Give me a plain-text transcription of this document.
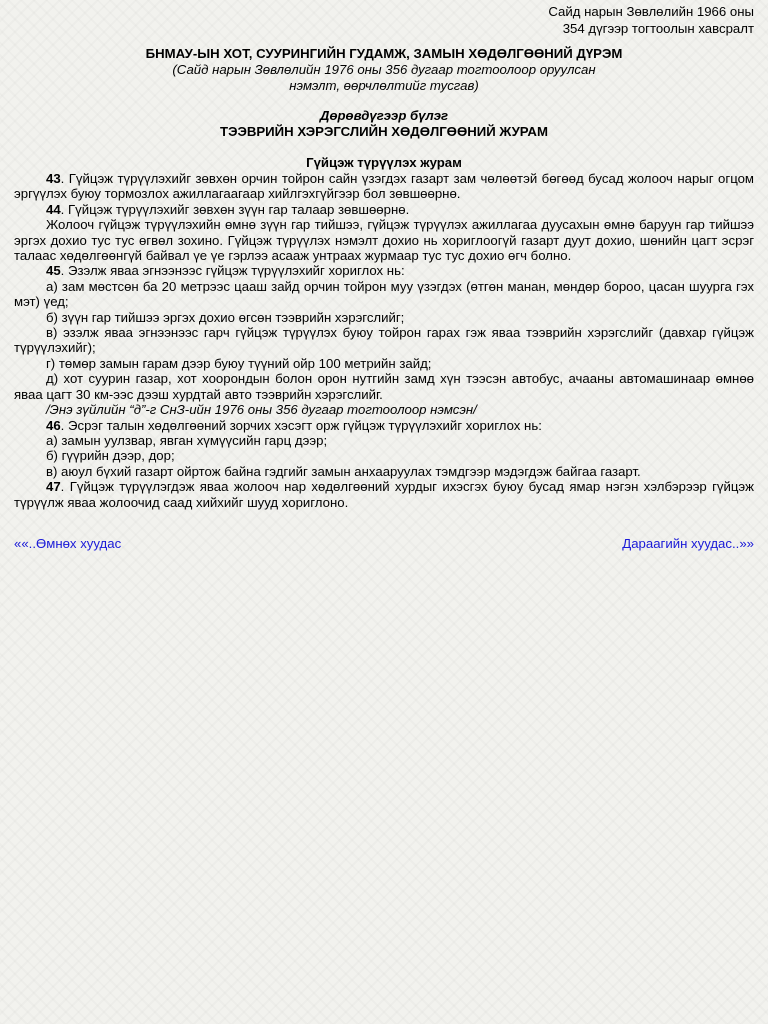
Сайд нарын Зөвлөлийн 1966 оны
354 дүгээр тогтоолын хавсралт
БНМАУ-ЫН ХОТ, СУУРИНГИЙН ГУДАМЖ, ЗАМЫН ХӨДӨЛГӨӨНИЙ ДҮРЭМ
(Сайд нарын Зөвлөлийн 1976 оны 356 дугаар тогтоолоор оруулсан
нэмэлт, өөрчлөлтийг тусгав)
Дөрөвдүгээр бүлэг
ТЭЭВРИЙН ХЭРЭГСЛИЙН ХӨДӨЛГӨӨНИЙ ЖУРАМ
Гүйцэж түрүүлэх журам

43. Гүйцэж түрүүлэхийг зөвхөн орчин тойрон сайн үзэгдэх газарт зам чөлөөтэй бөгөөд бусад жолооч нарыг огцом эргүүлэх буюу тормозлох ажиллагаагаар хийлгэхгүйгээр бол зөвшөөрнө.

44. Гүйцэж түрүүлэхийг зөвхөн зүүн гар талаар зөвшөөрнө.

Жолооч гүйцэж түрүүлэхийн өмнө зүүн гар тийшээ, гүйцэж түрүүлэх ажиллагаа дуусахын өмнө баруун гар тийшээ эргэх дохио тус тус өгвөл зохино. Гүйцэж түрүүлэх нэмэлт дохио нь хориглоогүй газарт дуут дохио, шөнийн цагт эсрэг талаас хөдөлгөөнгүй байвал үе үе гэрлээ асааж унтраах журмаар тус тус дохио өгч болно.

45. Эзэлж яваа эгнээнээс гүйцэж түрүүлэхийг хориглох нь:

а) зам мөстсөн ба 20 метрээс цааш зайд орчин тойрон муу үзэгдэх (өтгөн манан, мөндөр бороо, цасан шуурга гэх мэт) үед;

б) зүүн гар тийшээ эргэх дохио өгсөн тээврийн хэрэгслийг;

в) эзэлж яваа эгнээнээс гарч гүйцэж түрүүлэх буюу тойрон гарах гэж яваа тээврийн хэрэгслийг (давхар гүйцэж түрүүлэхийг);

г) төмөр замын гарам дээр буюу түүний ойр 100 метрийн зайд;

д) хот суурин газар, хот хоорондын болон орон нутгийн замд хүн тээсэн автобус, ачааны автомашинаар өмнөө яваа цагт 30 км-ээс дээш хурдтай авто тээврийн хэрэгслийг.

/Энэ зүйлийн “д”-г СнЗ-ийн 1976 оны 356 дугаар тогтоолоор нэмсэн/

46. Эсрэг талын хөдөлгөөний зорчих хэсэгт орж гүйцэж түрүүлэхийг хориглох нь:

а) замын уулзвар, явган хүмүүсийн гарц дээр;

б) гүүрийн дээр, дор;

в) аюул бүхий газарт ойртож байна гэдгийг замын анхааруулах тэмдгээр мэдэгдэж байгаа газарт.

47. Гүйцэж түрүүлэгдэж яваа жолооч нар хөдөлгөөний хурдыг ихэсгэх буюу бусад ямар нэгэн хэлбэрээр гүйцэж түрүүлж яваа жолоочид саад хийхийг шууд хориглоно.

««..Өмнөх хуудас	Дараагийн хуудас..»»
